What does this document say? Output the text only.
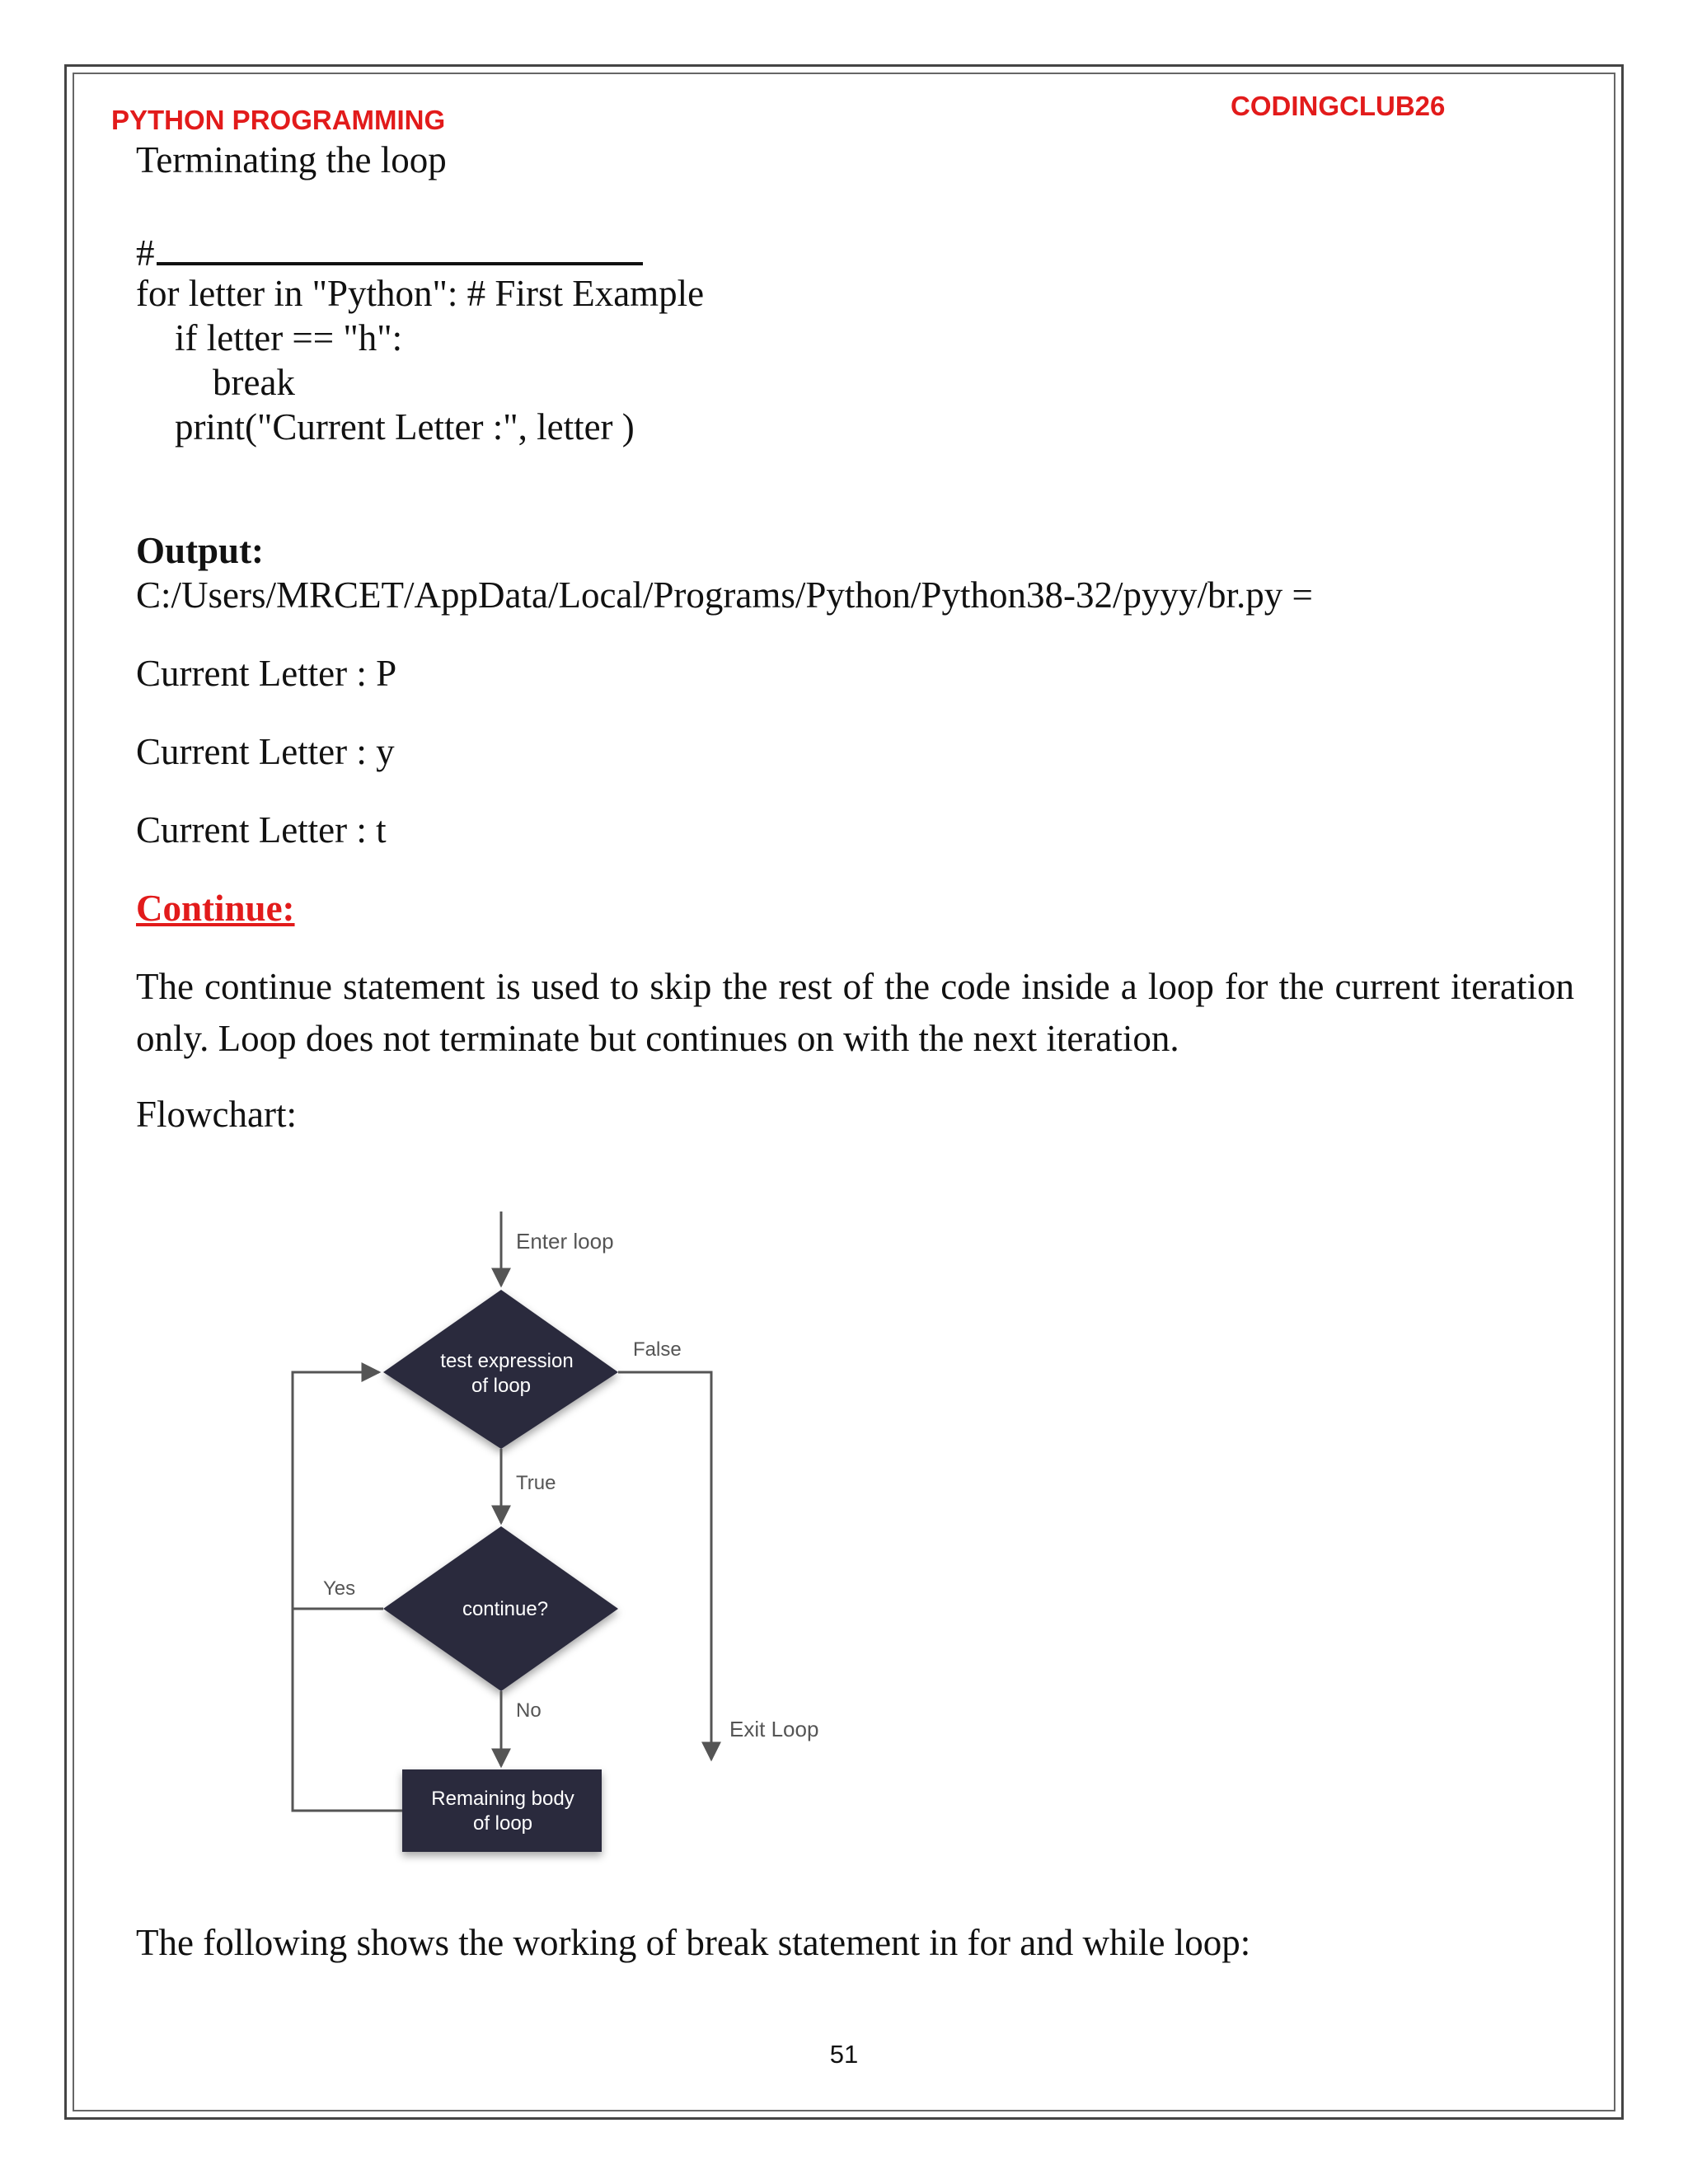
PYTHON PROGRAMMING	CODINGCLUB26
Terminating the loop
#
for letter in "Python": # First Example
if letter == "h":
break
print("Current Letter :", letter )
Output:
C:/Users/MRCET/AppData/Local/Programs/Python/Python38-32/pyyy/br.py =
Current Letter : P
Current Letter : y
Current Letter : t
Continue:
The continue statement is used to skip the rest of the code inside a loop for the current iteration only. Loop does not terminate but continues on with the next iteration.
Flowchart:
Enter loop
test expression
of loop
False
Exit Loop
True
continue?
Yes
No
Remaining body
of loop
The following shows the working of break statement in for and while loop:
51
